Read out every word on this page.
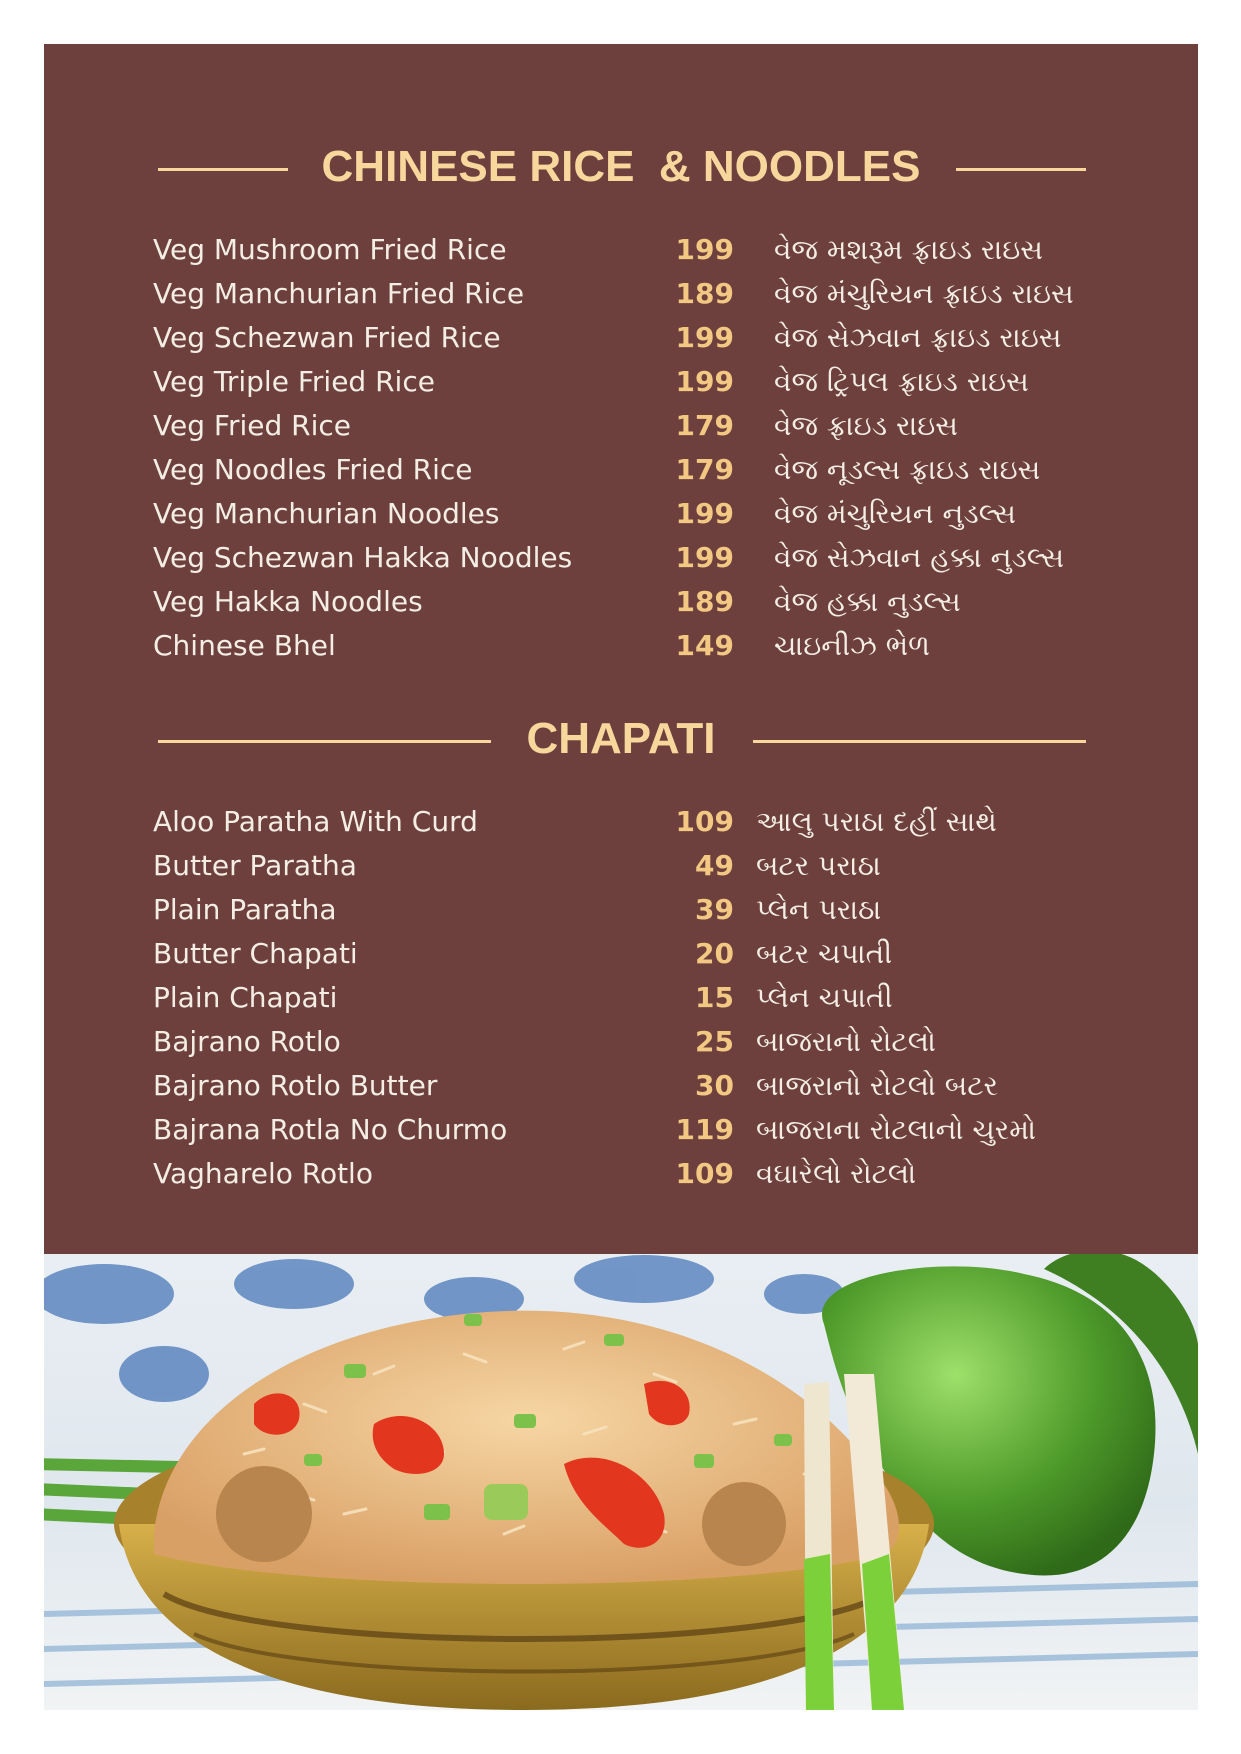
CHINESE RICE  & NOODLES
Veg Mushroom Fried Rice	199 વેજ મશરૂમ ફ્રાઇડ રાઇસ
Veg Manchurian Fried Rice	189 વેજ મંચુરિયન ફ્રાઇડ રાઇસ
Veg Schezwan Fried Rice	199 વેજ સેઝવાન ફ્રાઇડ રાઇસ
Veg Triple Fried Rice	199 વેજ ટ્રિપલ ફ્રાઇડ રાઇસ
Veg Fried Rice	179 વેજ ફ્રાઇડ રાઇસ
Veg Noodles Fried Rice	179 વેજ નૂડલ્સ ફ્રાઇડ રાઇસ
Veg Manchurian Noodles	199 વેજ મંચુરિયન નુડલ્સ
Veg Schezwan Hakka Noodles	199 વેજ સેઝવાન હક્કા નુડલ્સ
Veg Hakka Noodles	189 વેજ હક્કા નુડલ્સ
Chinese Bhel	149 ચાઇનીઝ ભેળ
CHAPATI
Aloo Paratha With Curd	109 આલુ પરાઠા દહીં સાથે
Butter Paratha	49 બટર પરાઠા
Plain Paratha	39 પ્લેન પરાઠા
Butter Chapati	20 બટર ચપાતી
Plain Chapati	15 પ્લેન ચપાતી
Bajrano Rotlo	25 બાજરાનો રોટલો
Bajrano Rotlo Butter	30 બાજરાનો રોટલો બટર
Bajrana Rotla No Churmo	119 બાજરાના રોટલાનો ચુરમો
Vagharelo Rotlo	109 વઘારેલો રોટલો
